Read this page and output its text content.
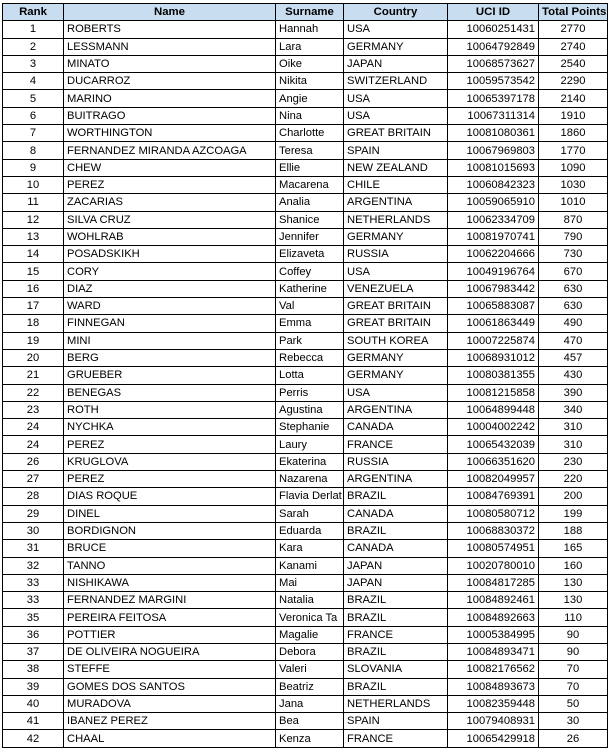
Rank	Name	Surname	Country	UCI ID	Total Points
1	ROBERTS	Hannah	USA	10060251431	2770
2	LESSMANN	Lara	GERMANY	10064792849	2740
3	MINATO	Oike	JAPAN	10068573627	2540
4	DUCARROZ	Nikita	SWITZERLAND	10059573542	2290
5	MARINO	Angie	USA	10065397178	2140
6	BUITRAGO	Nina	USA	10067311314	1910
7	WORTHINGTON	Charlotte	GREAT BRITAIN	10081080361	1860
8	FERNANDEZ MIRANDA AZCOAGA	Teresa	SPAIN	10067969803	1770
9	CHEW	Ellie	NEW ZEALAND	10081015693	1090
10	PEREZ	Macarena	CHILE	10060842323	1030
11	ZACARIAS	Analia	ARGENTINA	10059065910	1010
12	SILVA CRUZ	Shanice	NETHERLANDS	10062334709	870
13	WOHLRAB	Jennifer	GERMANY	10081970741	790
14	POSADSKIKH	Elizaveta	RUSSIA	10062204666	730
15	CORY	Coffey	USA	10049196764	670
16	DIAZ	Katherine	VENEZUELA	10067983442	630
17	WARD	Val	GREAT BRITAIN	10065883087	630
18	FINNEGAN	Emma	GREAT BRITAIN	10061863449	490
19	MINI	Park	SOUTH KOREA	10007225874	470
20	BERG	Rebecca	GERMANY	10068931012	457
21	GRUEBER	Lotta	GERMANY	10080381355	430
22	BENEGAS	Perris	USA	10081215858	390
23	ROTH	Agustina	ARGENTINA	10064899448	340
24	NYCHKA	Stephanie	CANADA	10004002242	310
24	PEREZ	Laury	FRANCE	10065432039	310
26	KRUGLOVA	Ekaterina	RUSSIA	10066351620	230
27	PEREZ	Nazarena	ARGENTINA	10082049957	220
28	DIAS ROQUE	Flavia Derlat	BRAZIL	10084769391	200
29	DINEL	Sarah	CANADA	10080580712	199
30	BORDIGNON	Eduarda	BRAZIL	10068830372	188
31	BRUCE	Kara	CANADA	10080574951	165
32	TANNO	Kanami	JAPAN	10020780010	160
33	NISHIKAWA	Mai	JAPAN	10084817285	130
33	FERNANDEZ MARGINI	Natalia	BRAZIL	10084892461	130
35	PEREIRA FEITOSA	Veronica Ta	BRAZIL	10084892663	110
36	POTTIER	Magalie	FRANCE	10005384995	90
37	DE OLIVEIRA NOGUEIRA	Debora	BRAZIL	10084893471	90
38	STEFFE	Valeri	SLOVANIA	10082176562	70
39	GOMES DOS SANTOS	Beatriz	BRAZIL	10084893673	70
40	MURADOVA	Jana	NETHERLANDS	10082359448	50
41	IBANEZ PEREZ	Bea	SPAIN	10079408931	30
42	CHAAL	Kenza	FRANCE	10065429918	26
